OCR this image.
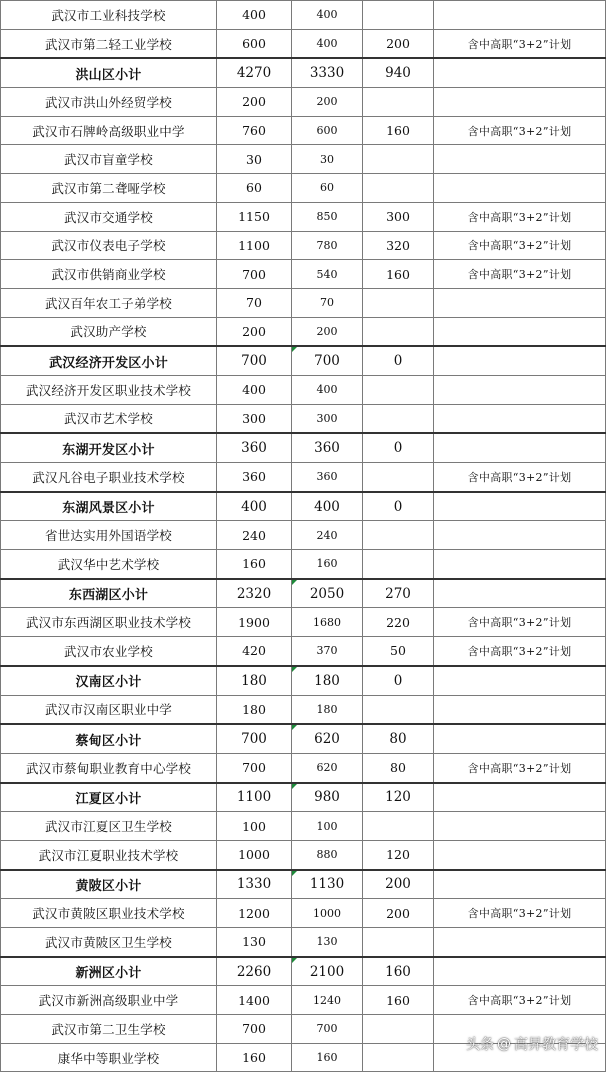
武汉市工业科技学校	400	400		
武汉市第二轻工业学校	600	400	200	含中高职“3+2”计划
洪山区小计	4270	3330	940	
武汉市洪山外经贸学校	200	200		
武汉市石牌岭高级职业中学	760	600	160	含中高职“3+2”计划
武汉市盲童学校	30	30		
武汉市第二聋哑学校	60	60		
武汉市交通学校	1150	850	300	含中高职“3+2”计划
武汉市仪表电子学校	1100	780	320	含中高职“3+2”计划
武汉市供销商业学校	700	540	160	含中高职“3+2”计划
武汉百年农工子弟学校	70	70		
武汉助产学校	200	200		
武汉经济开发区小计	700	700	0	
武汉经济开发区职业技术学校	400	400		
武汉市艺术学校	300	300		
东湖开发区小计	360	360	0	
武汉凡谷电子职业技术学校	360	360		含中高职“3+2”计划
东湖风景区小计	400	400	0	
省世达实用外国语学校	240	240		
武汉华中艺术学校	160	160		
东西湖区小计	2320	2050	270	
武汉市东西湖区职业技术学校	1900	1680	220	含中高职“3+2”计划
武汉市农业学校	420	370	50	含中高职“3+2”计划
汉南区小计	180	180	0	
武汉市汉南区职业中学	180	180		
蔡甸区小计	700	620	80	
武汉市蔡甸职业教育中心学校	700	620	80	含中高职“3+2”计划
江夏区小计	1100	980	120	
武汉市江夏区卫生学校	100	100		
武汉市江夏职业技术学校	1000	880	120	
黄陂区小计	1330	1130	200	
武汉市黄陂区职业技术学校	1200	1000	200	含中高职“3+2”计划
武汉市黄陂区卫生学校	130	130		
新洲区小计	2260	2100	160	
武汉市新洲高级职业中学	1400	1240	160	含中高职“3+2”计划
武汉市第二卫生学校	700	700		
康华中等职业学校	160	160		
头条 @ 高昇教育学校
